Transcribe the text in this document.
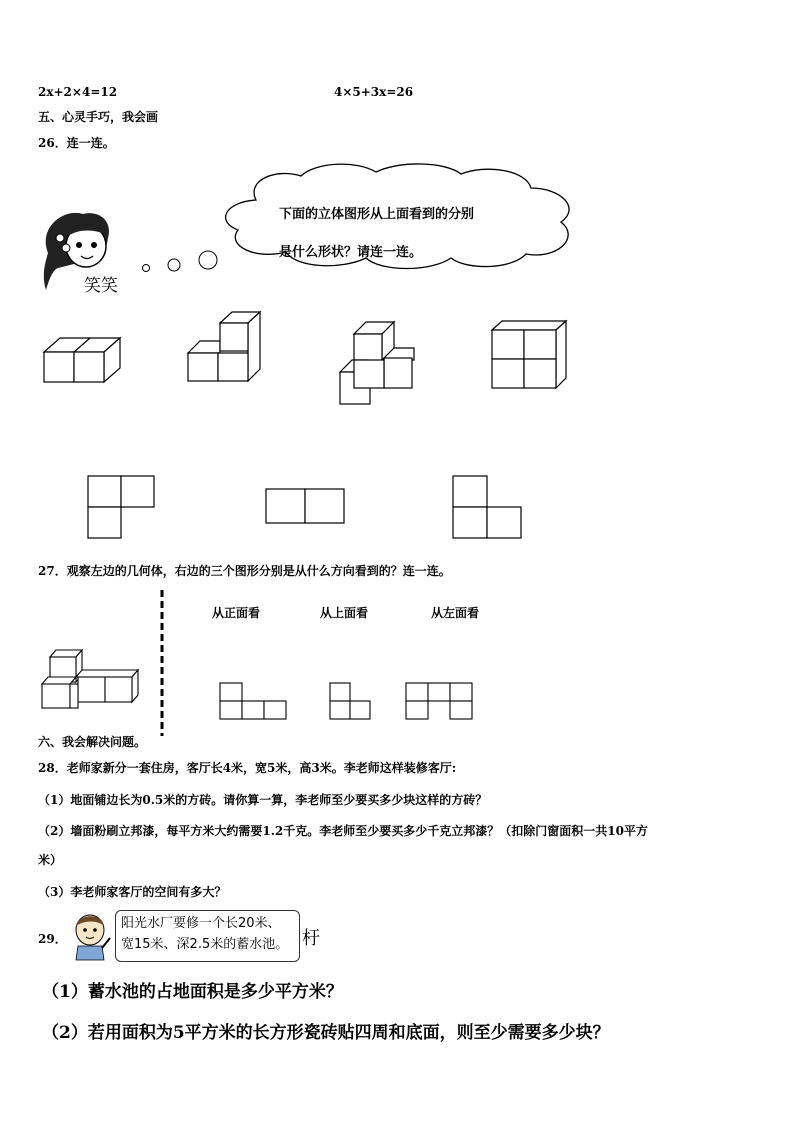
2x+2×4=12	4×5+3x=26
五、心灵手巧，我会画
26．连一连。
笑笑
下面的立体图形从上面看到的分别
是什么形状？请连一连。
27．观察左边的几何体，右边的三个图形分别是从什么方向看到的？连一连。
从正面看	从上面看	从左面看
六、我会解决问题。
28．老师家新分一套住房，客厅长4米，宽5米，高3米。李老师这样装修客厅:
（1）地面铺边长为0.5米的方砖。请你算一算，李老师至少要买多少块这样的方砖？
（2）墙面粉刷立邦漆，每平方米大约需要1.2千克。李老师至少要买多少千克立邦漆？（扣除门窗面积一共10平方
米）
（3）李老师家客厅的空间有多大？
29．
阳光水厂要修一个长20米、
宽15米、深2.5米的蓄水池。 杅
（1）蓄水池的占地面积是多少平方米？
（2）若用面积为5平方米的长方形瓷砖贴四周和底面，则至少需要多少块？
